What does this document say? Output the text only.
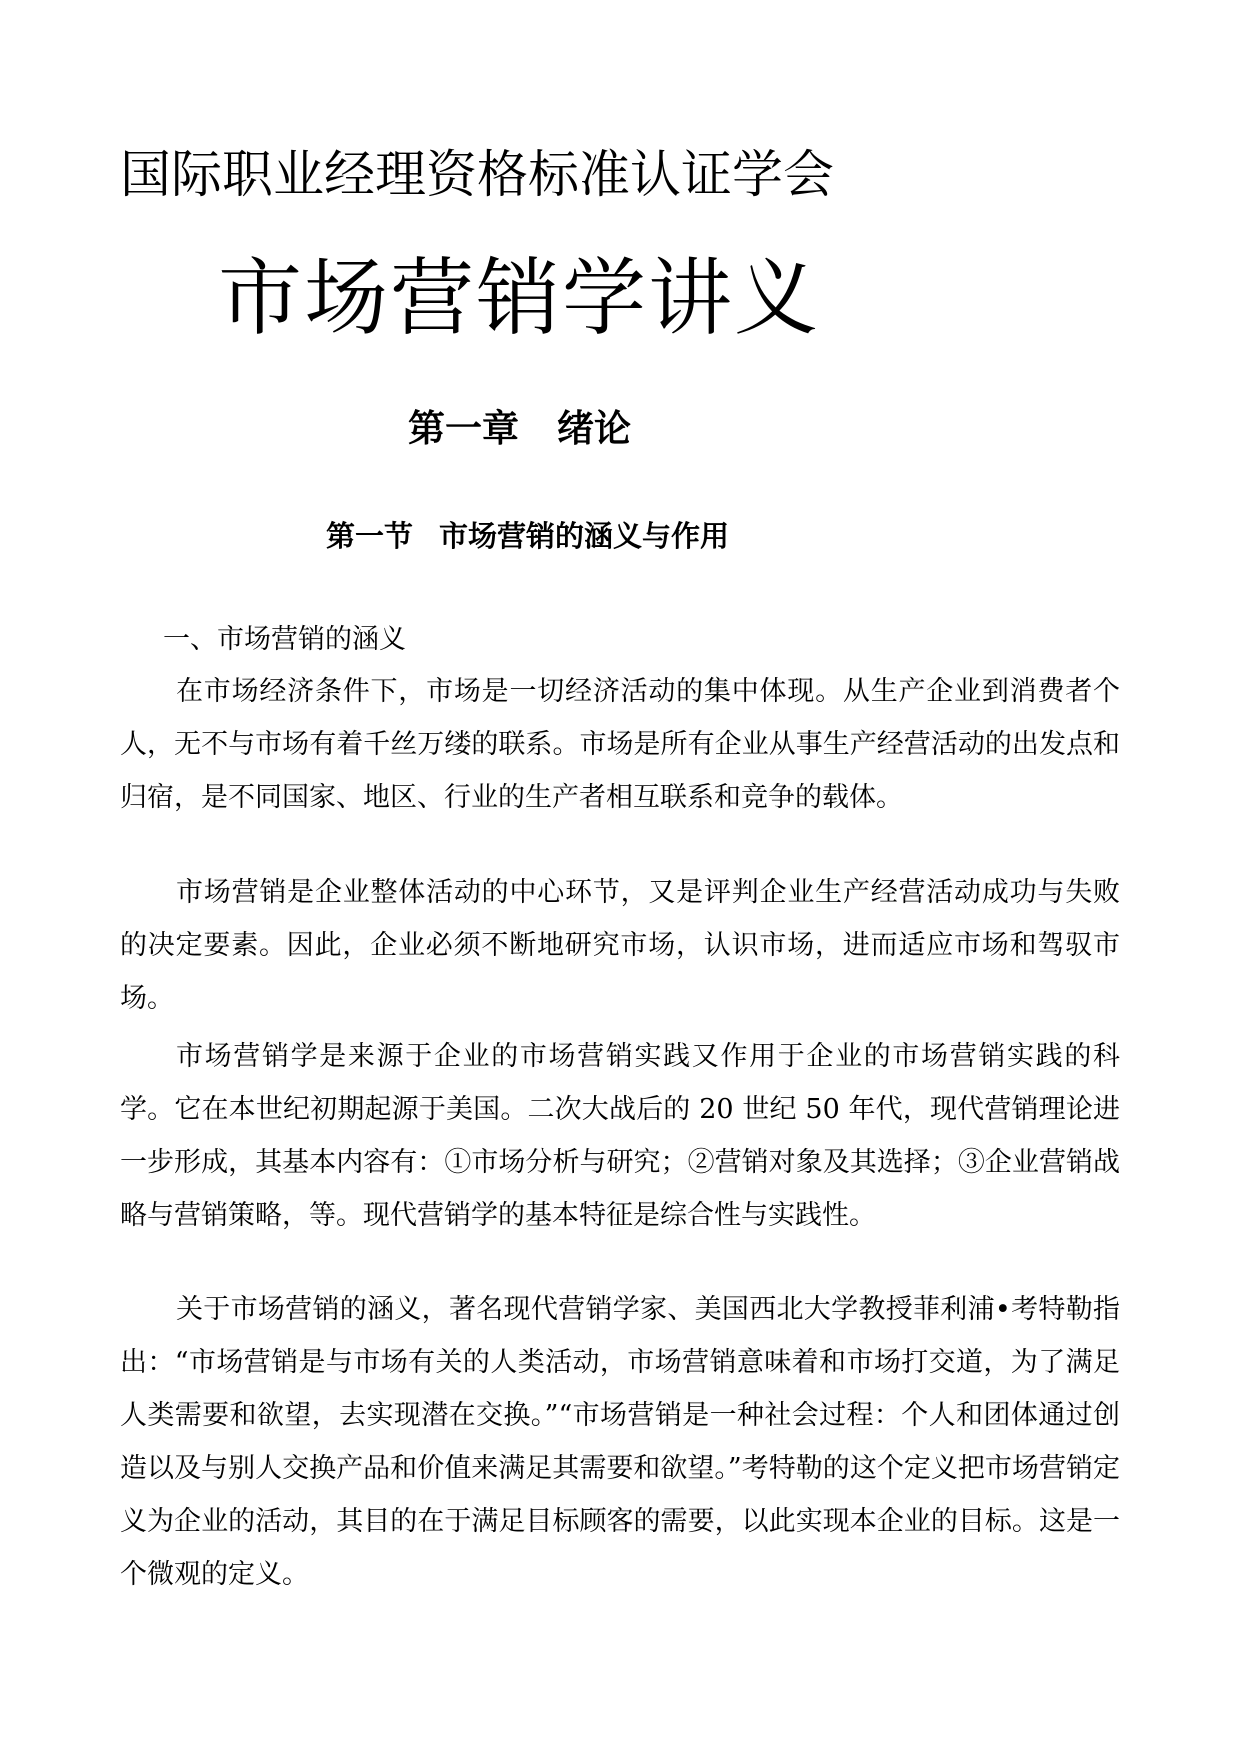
国际职业经理资格标准认证学会
市场营销学讲义
第一章 绪论
第一节 市场营销的涵义与作用
一、市场营销的涵义

在市场经济条件下，市场是一切经济活动的集中体现。从生产企业到消费者个人，无不与市场有着千丝万缕的联系。市场是所有企业从事生产经营活动的出发点和归宿，是不同国家、地区、行业的生产者相互联系和竞争的载体。

市场营销是企业整体活动的中心环节，又是评判企业生产经营活动成功与失败的决定要素。因此，企业必须不断地研究市场，认识市场，进而适应市场和驾驭市场。

市场营销学是来源于企业的市场营销实践又作用于企业的市场营销实践的科学。它在本世纪初期起源于美国。二次大战后的 20 世纪 50 年代，现代营销理论进一步形成，其基本内容有：①市场分析与研究；②营销对象及其选择；③企业营销战略与营销策略，等。现代营销学的基本特征是综合性与实践性。

关于市场营销的涵义，著名现代营销学家、美国西北大学教授菲利浦•考特勒指出：“市场营销是与市场有关的人类活动，市场营销意味着和市场打交道，为了满足人类需要和欲望，去实现潜在交换。”“市场营销是一种社会过程：个人和团体通过创造以及与别人交换产品和价值来满足其需要和欲望。”考特勒的这个定义把市场营销定义为企业的活动，其目的在于满足目标顾客的需要，以此实现本企业的目标。这是一个微观的定义。
